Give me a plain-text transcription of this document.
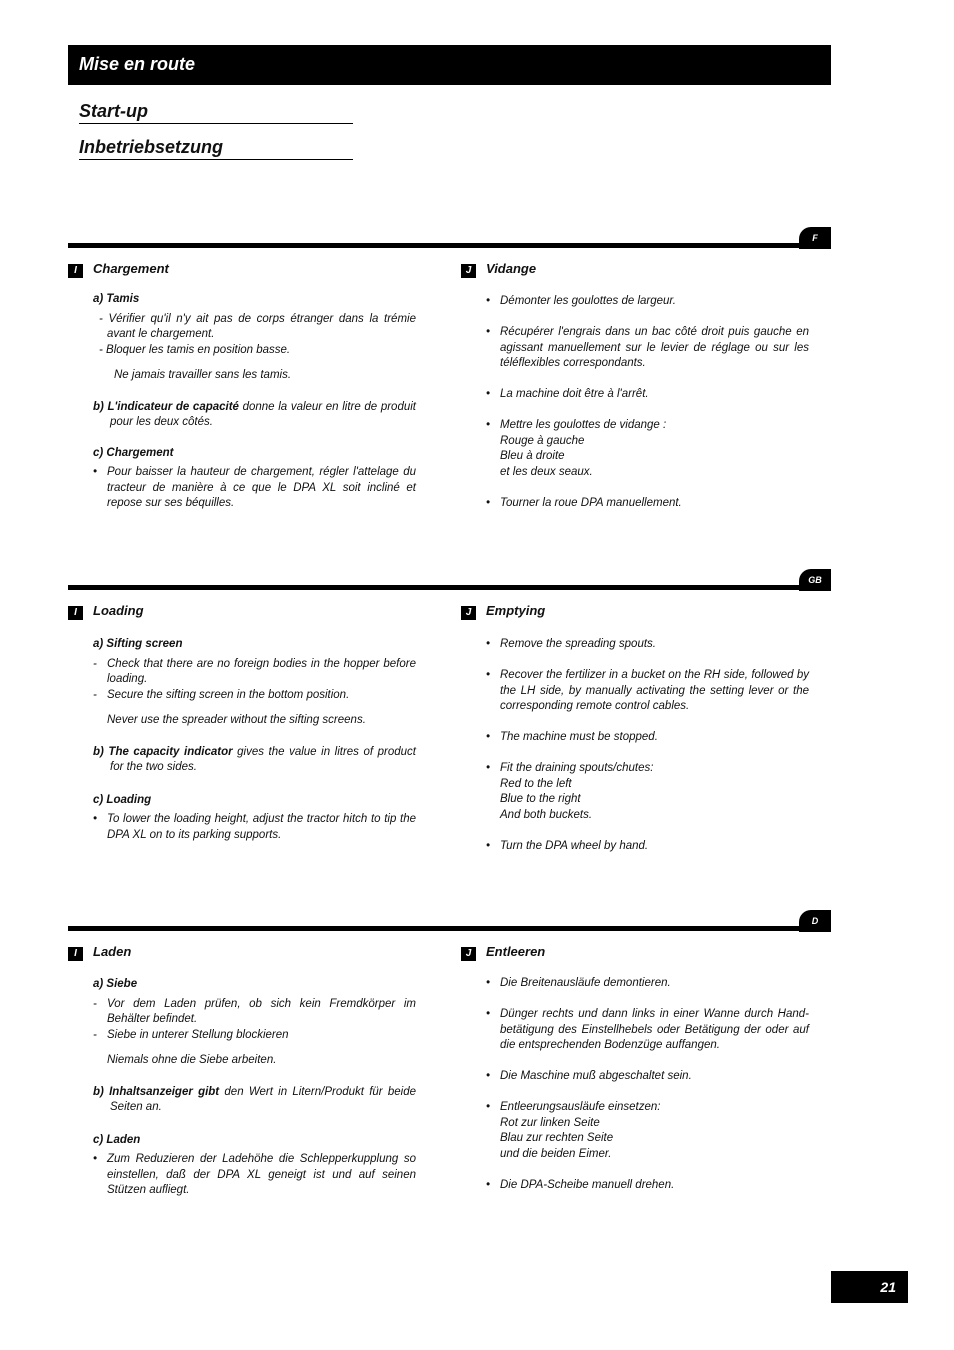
Mise en route
Start-up
Inbetriebsetzung
F
I	Chargement
a) Tamis
- Vérifier qu'il n'y ait pas de corps étranger dans la trémie avant le chargement.
- Bloquer les tamis en position basse.
Ne jamais travailler sans les tamis.
b) L'indicateur de capacité donne la valeur en litre de produit pour les deux côtés.
c) Chargement
• Pour baisser la hauteur de chargement, régler l'attelage du tracteur de manière à ce que le DPA XL soit incliné et repose sur ses béquilles.
J	Vidange
• Démonter les goulottes de largeur.
• Récupérer l'engrais dans un bac côté droit puis gauche en agissant manuellement sur le levier de réglage ou sur les téléflexibles correspondants.
• La machine doit être à l'arrêt.
• Mettre les goulottes de vidange :
Rouge à gauche
Bleu à droite
et les deux seaux.
• Tourner la roue DPA manuellement.
GB
I	Loading
a) Sifting screen
- Check that there are no foreign bodies in the hopper before loading.
- Secure the sifting screen in the bottom position.
Never use the spreader without the sifting screens.
b) The capacity indicator gives the value in litres of product for the two sides.
c) Loading
• To lower the loading height, adjust the tractor hitch to tip the DPA XL on to its parking supports.
J	Emptying
• Remove the spreading spouts.
• Recover the fertilizer in a bucket on the RH side, followed by the LH side, by manually activating the setting lever or the corresponding remote control cables.
• The machine must be stopped.
• Fit the draining spouts/chutes:
Red to the left
Blue to the right
And both buckets.
• Turn the DPA wheel by hand.
D
I	Laden
a) Siebe
- Vor dem Laden prüfen, ob sich kein Fremdkörper im Behälter befindet.
- Siebe in unterer Stellung blockieren
Niemals ohne die Siebe arbeiten.
b) Inhaltsanzeiger gibt den Wert in Litern/Produkt für beide Seiten an.
c) Laden
• Zum Reduzieren der Ladehöhe die Schlepperkupplung so einstellen, daß der DPA XL geneigt ist und auf seinen Stützen aufliegt.
J	Entleeren
• Die Breitenausläufe demontieren.
• Dünger rechts und dann links in einer Wanne durch Hand-betätigung des Einstellhebels oder Betätigung der oder auf die entsprechenden Bodenzüge auffangen.
• Die Maschine muß abgeschaltet sein.
• Entleerungsausläufe einsetzen:
Rot zur linken Seite
Blau zur rechten Seite
und die beiden Eimer.
• Die DPA-Scheibe manuell drehen.
21
